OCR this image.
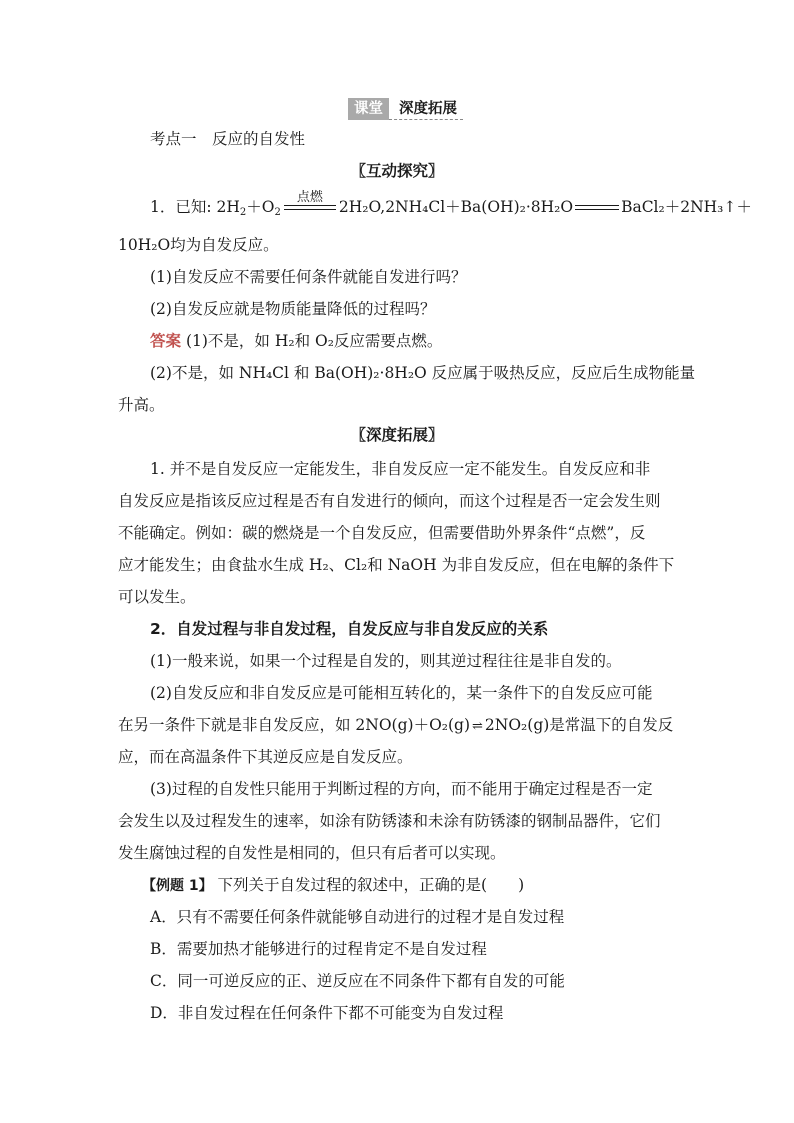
课堂	深度拓展
考点一　反应的自发性
〖互动探究〗
1．已知: $2H_2+O_2$
点燃
2H₂O,2NH₄Cl＋Ba(OH)₂·8H₂O	BaCl₂＋2NH₃↑＋
10H₂O均为自发反应。
(1)自发反应不需要任何条件就能自发进行吗？
(2)自发反应就是物质能量降低的过程吗？
答案 (1)不是，如 H₂和 O₂反应需要点燃。
(2)不是，如 NH₄Cl 和 Ba(OH)₂·8H₂O 反应属于吸热反应，反应后生成物能量
升高。
〖深度拓展〗
1. 并不是自发反应一定能发生，非自发反应一定不能发生。自发反应和非
自发反应是指该反应过程是否有自发进行的倾向，而这个过程是否一定会发生则
不能确定。例如：碳的燃烧是一个自发反应，但需要借助外界条件“点燃”，反
应才能发生；由食盐水生成 H₂、Cl₂和 NaOH 为非自发反应，但在电解的条件下
可以发生。
2．自发过程与非自发过程，自发反应与非自发反应的关系
(1)一般来说，如果一个过程是自发的，则其逆过程往往是非自发的。
(2)自发反应和非自发反应是可能相互转化的，某一条件下的自发反应可能
在另一条件下就是非自发反应，如 2NO(g)＋O₂(g) ⇌ 2NO₂(g)是常温下的自发反
应，而在高温条件下其逆反应是自发反应。
(3)过程的自发性只能用于判断过程的方向，而不能用于确定过程是否一定
会发生以及过程发生的速率，如涂有防锈漆和未涂有防锈漆的钢制品器件，它们
发生腐蚀过程的自发性是相同的，但只有后者可以实现。
【例题 1】 下列关于自发过程的叙述中，正确的是(　　)
A．只有不需要任何条件就能够自动进行的过程才是自发过程
B．需要加热才能够进行的过程肯定不是自发过程
C．同一可逆反应的正、逆反应在不同条件下都有自发的可能
D．非自发过程在任何条件下都不可能变为自发过程
